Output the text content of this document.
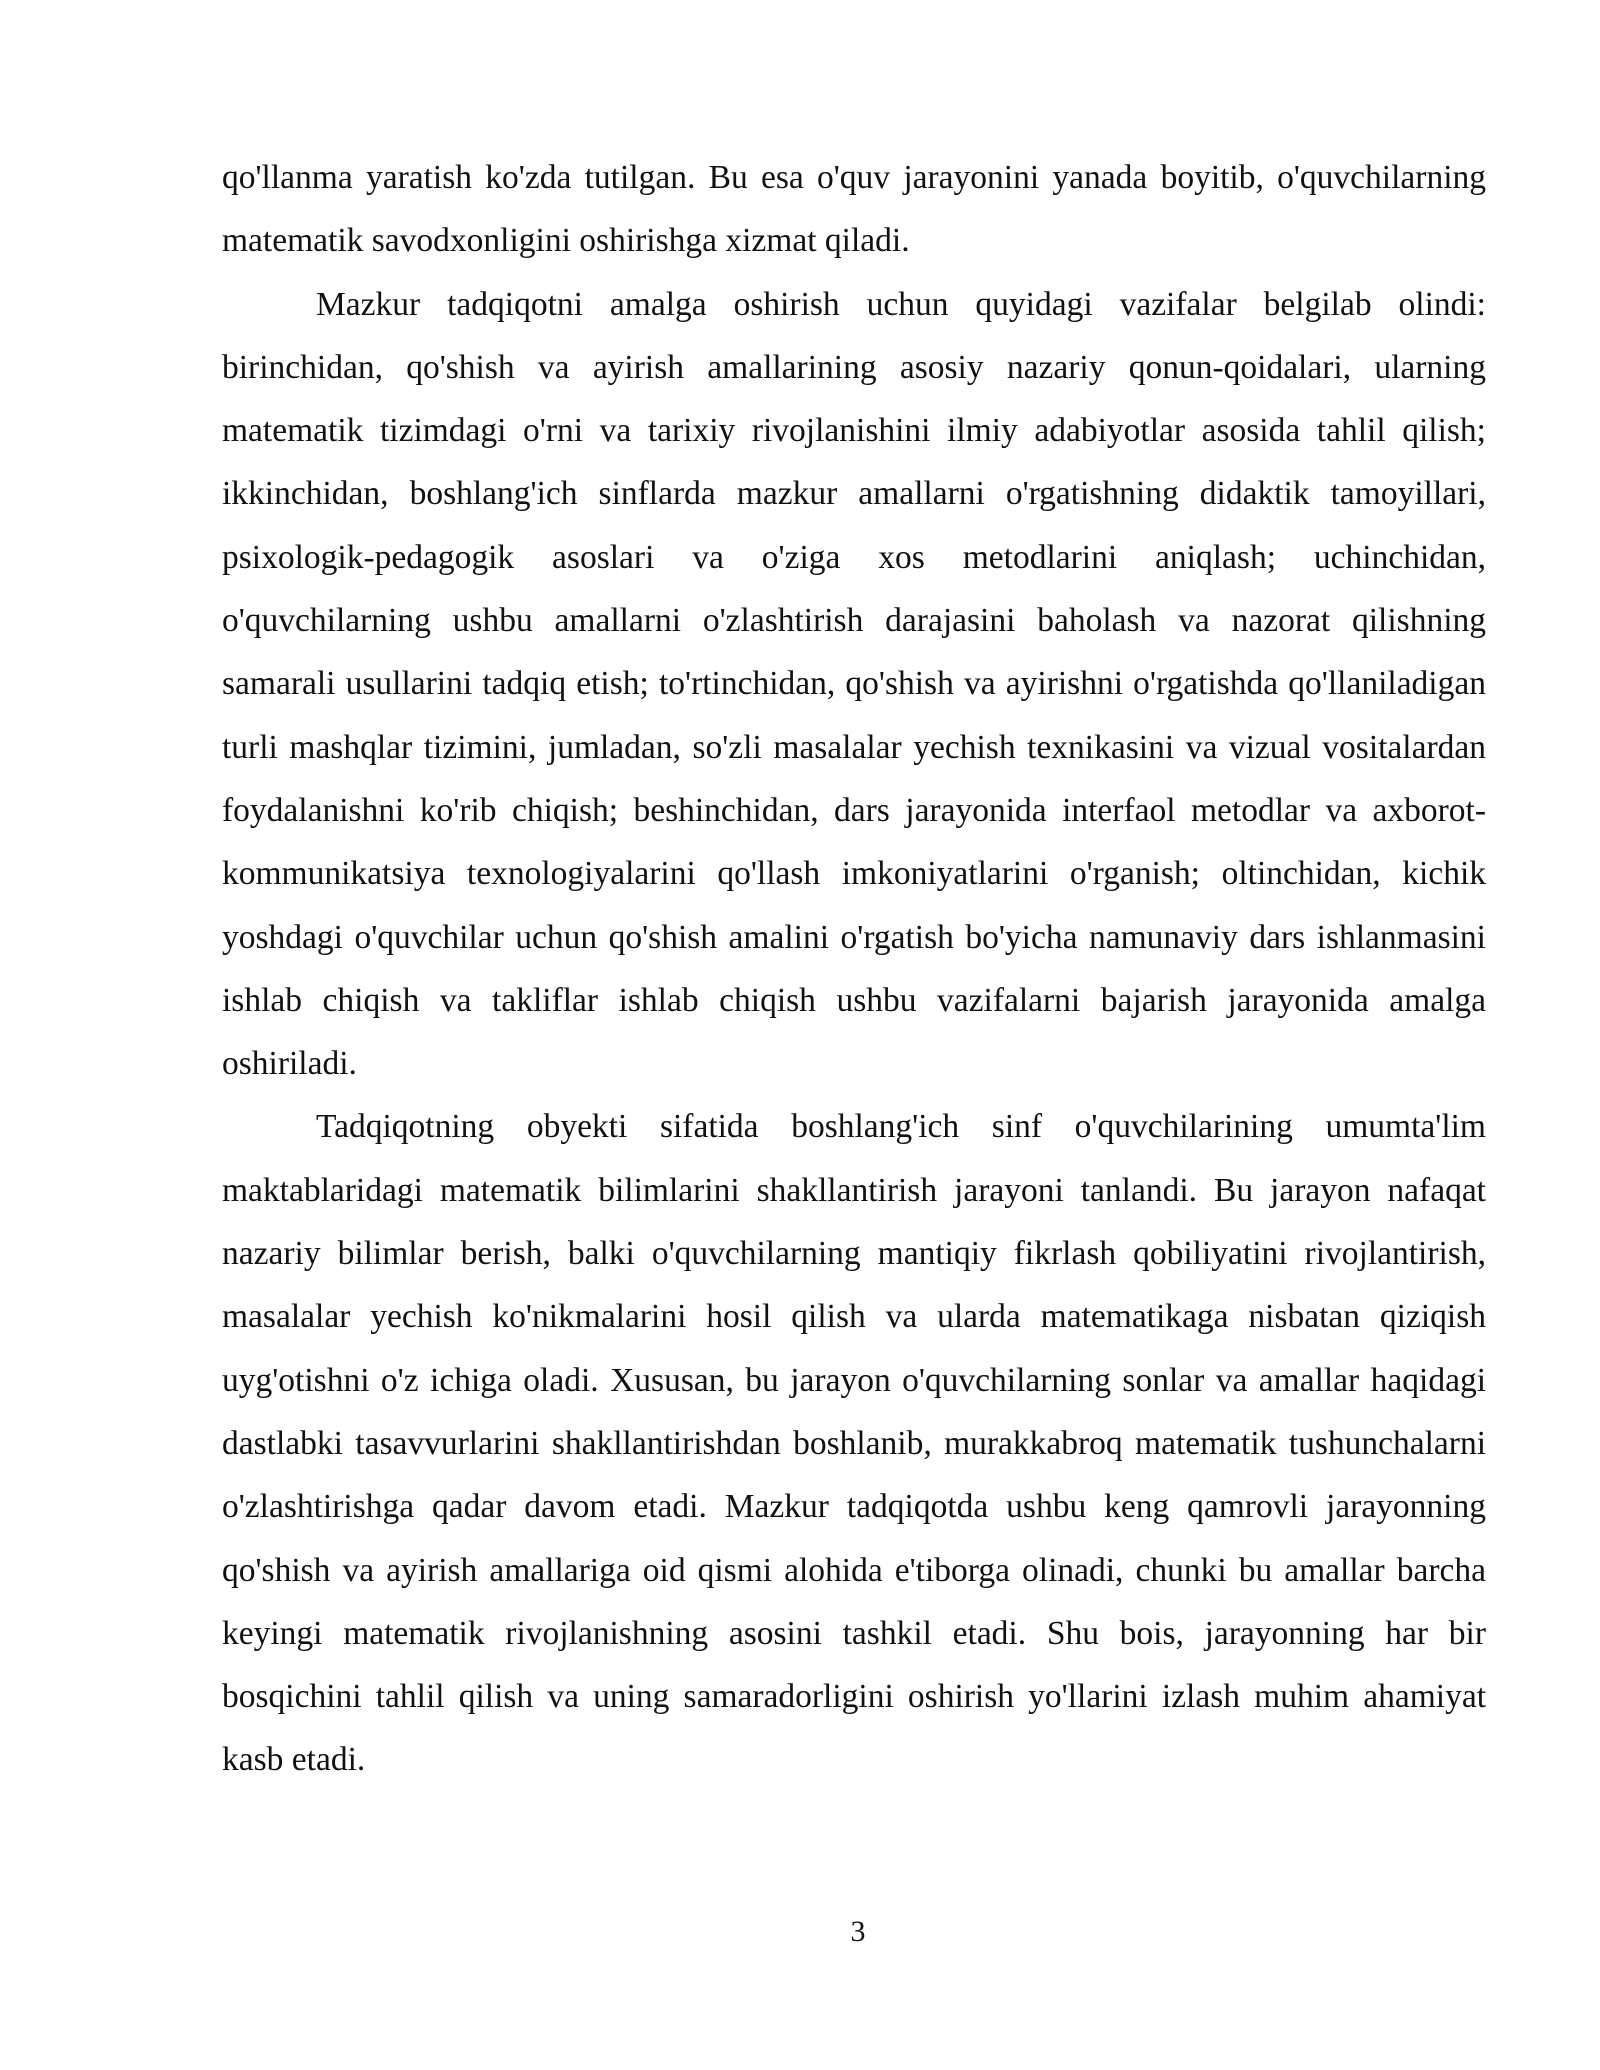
qo'llanma yaratish ko'zda tutilgan. Bu esa o'quv jarayonini yanada boyitib, o'quvchilarning matematik savodxonligini oshirishga xizmat qiladi.

Mazkur tadqiqotni amalga oshirish uchun quyidagi vazifalar belgilab olindi: birinchidan, qo'shish va ayirish amallarining asosiy nazariy qonun-qoidalari, ularning matematik tizimdagi o'rni va tarixiy rivojlanishini ilmiy adabiyotlar asosida tahlil qilish; ikkinchidan, boshlang'ich sinflarda mazkur amallarni o'rgatishning didaktik tamoyillari, psixologik-pedagogik asoslari va o'ziga xos metodlarini aniqlash; uchinchidan, o'quvchilarning ushbu amallarni o'zlashtirish darajasini baholash va nazorat qilishning samarali usullarini tadqiq etish; to'rtinchidan, qo'shish va ayirishni o'rgatishda qo'llaniladigan turli mashqlar tizimini, jumladan, so'zli masalalar yechish texnikasini va vizual vositalardan foydalanishni ko'rib chiqish; beshinchidan, dars jarayonida interfaol metodlar va axborot-kommunikatsiya texnologiyalarini qo'llash imkoniyatlarini o'rganish; oltinchidan, kichik yoshdagi o'quvchilar uchun qo'shish amalini o'rgatish bo'yicha namunaviy dars ishlanmasini ishlab chiqish va takliflar ishlab chiqish ushbu vazifalarni bajarish jarayonida amalga oshiriladi.

Tadqiqotning obyekti sifatida boshlang'ich sinf o'quvchilarining umumta'lim maktablaridagi matematik bilimlarini shakllantirish jarayoni tanlandi. Bu jarayon nafaqat nazariy bilimlar berish, balki o'quvchilarning mantiqiy fikrlash qobiliyatini rivojlantirish, masalalar yechish ko'nikmalarini hosil qilish va ularda matematikaga nisbatan qiziqish uyg'otishni o'z ichiga oladi. Xususan, bu jarayon o'quvchilarning sonlar va amallar haqidagi dastlabki tasavvurlarini shakllantirishdan boshlanib, murakkabroq matematik tushunchalarni o'zlashtirishga qadar davom etadi. Mazkur tadqiqotda ushbu keng qamrovli jarayonning qo'shish va ayirish amallariga oid qismi alohida e'tiborga olinadi, chunki bu amallar barcha keyingi matematik rivojlanishning asosini tashkil etadi. Shu bois, jarayonning har bir bosqichini tahlil qilish va uning samaradorligini oshirish yo'llarini izlash muhim ahamiyat kasb etadi.

3
